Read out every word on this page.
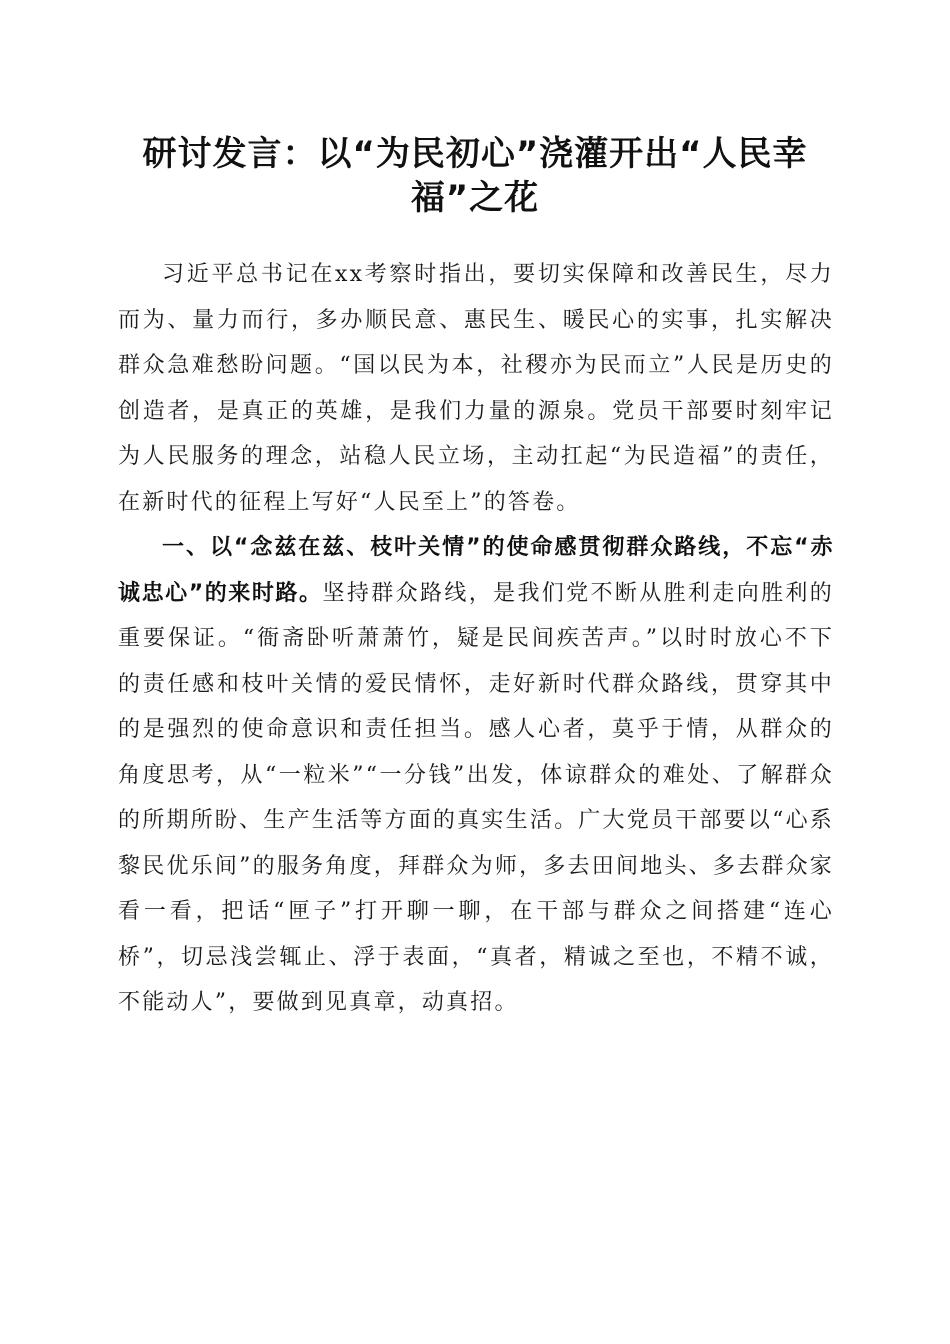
研讨发言：以“为民初心”浇灌开出“人民幸
福”之花

习近平总书记在xx考察时指出，要切实保障和改善民生，尽力而为、量力而行，多办顺民意、惠民生、暖民心的实事，扎实解决群众急难愁盼问题。“国以民为本，社稷亦为民而立”人民是历史的创造者，是真正的英雄，是我们力量的源泉。党员干部要时刻牢记为人民服务的理念，站稳人民立场，主动扛起“为民造福”的责任，在新时代的征程上写好“人民至上”的答卷。

一、以“念兹在兹、枝叶关情”的使命感贯彻群众路线，不忘“赤诚忠心”的来时路。坚持群众路线，是我们党不断从胜利走向胜利的重要保证。“衙斋卧听萧萧竹，疑是民间疾苦声。”以时时放心不下的责任感和枝叶关情的爱民情怀，走好新时代群众路线，贯穿其中的是强烈的使命意识和责任担当。感人心者，莫乎于情，从群众的角度思考，从“一粒米”“一分钱”出发，体谅群众的难处、了解群众的所期所盼、生产生活等方面的真实生活。广大党员干部要以“心系黎民优乐间”的服务角度，拜群众为师，多去田间地头、多去群众家看一看，把话“匣子”打开聊一聊，在干部与群众之间搭建“连心桥”，切忌浅尝辄止、浮于表面，“真者，精诚之至也，不精不诚，不能动人”，要做到见真章，动真招。
